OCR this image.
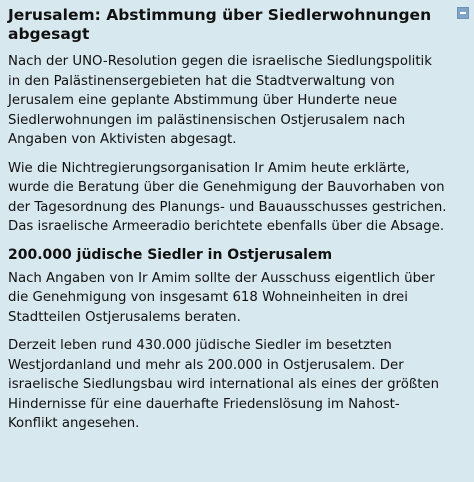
Jerusalem: Abstimmung über Siedlerwohnungen abgesagt

Nach der UNO-Resolution gegen die israelische Siedlungspolitik in den Palästinensergebieten hat die Stadtverwaltung von Jerusalem eine geplante Abstimmung über Hunderte neue Siedlerwohnungen im palästinensischen Ostjerusalem nach Angaben von Aktivisten abgesagt.

Wie die Nichtregierungsorganisation Ir Amim heute erklärte, wurde die Beratung über die Genehmigung der Bauvorhaben von der Tagesordnung des Planungs- und Bauausschusses gestrichen. Das israelische Armeeradio berichtete ebenfalls über die Absage.

200.000 jüdische Siedler in Ostjerusalem

Nach Angaben von Ir Amim sollte der Ausschuss eigentlich über die Genehmigung von insgesamt 618 Wohneinheiten in drei Stadtteilen Ostjerusalems beraten.

Derzeit leben rund 430.000 jüdische Siedler im besetzten Westjordanland und mehr als 200.000 in Ostjerusalem. Der israelische Siedlungsbau wird international als eines der größten Hindernisse für eine dauerhafte Friedenslösung im Nahost-Konflikt angesehen.
